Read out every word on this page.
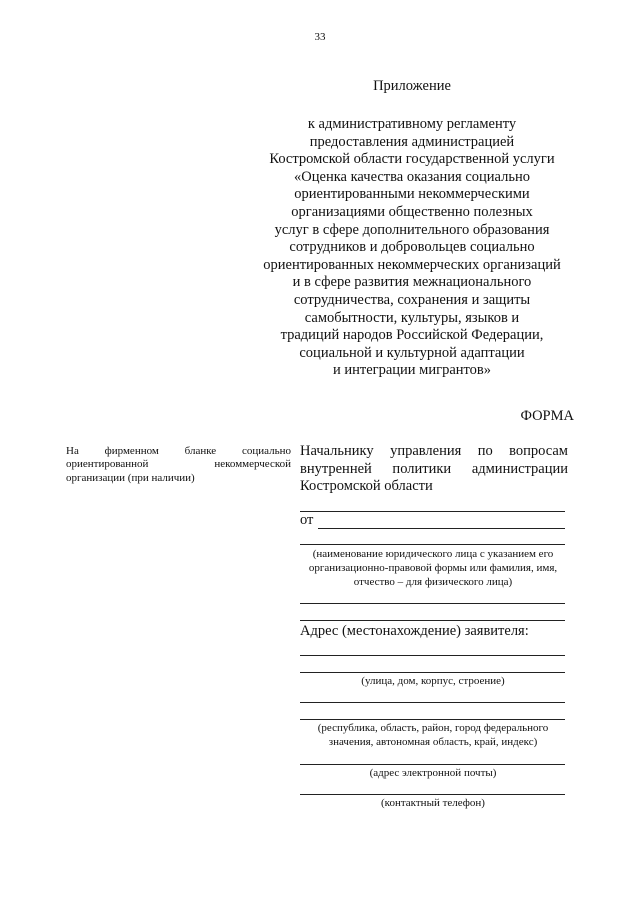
33
Приложение
к административному регламенту
предоставления администрацией
Костромской области государственной услуги
«Оценка качества оказания социально
ориентированными некоммерческими
организациями общественно полезных
услуг в сфере дополнительного образования
сотрудников и добровольцев социально
ориентированных некоммерческих организаций
и в сфере развития межнационального
сотрудничества, сохранения и защиты
самобытности, культуры, языков и
традиций народов Российской Федерации,
социальной и культурной адаптации
и интеграции мигрантов»
ФОРМА
На фирменном бланке социально
ориентированной некоммерческой
организации (при наличии)
Начальнику управления по вопросам
внутренней политики администрации
Костромской области
от
(наименование юридического лица с указанием его
организационно-правовой формы или фамилия, имя,
отчество – для физического лица)
Адрес (местонахождение) заявителя:
(улица, дом, корпус, строение)
(республика, область, район, город федерального
значения, автономная область, край, индекс)
(адрес электронной почты)
(контактный телефон)
